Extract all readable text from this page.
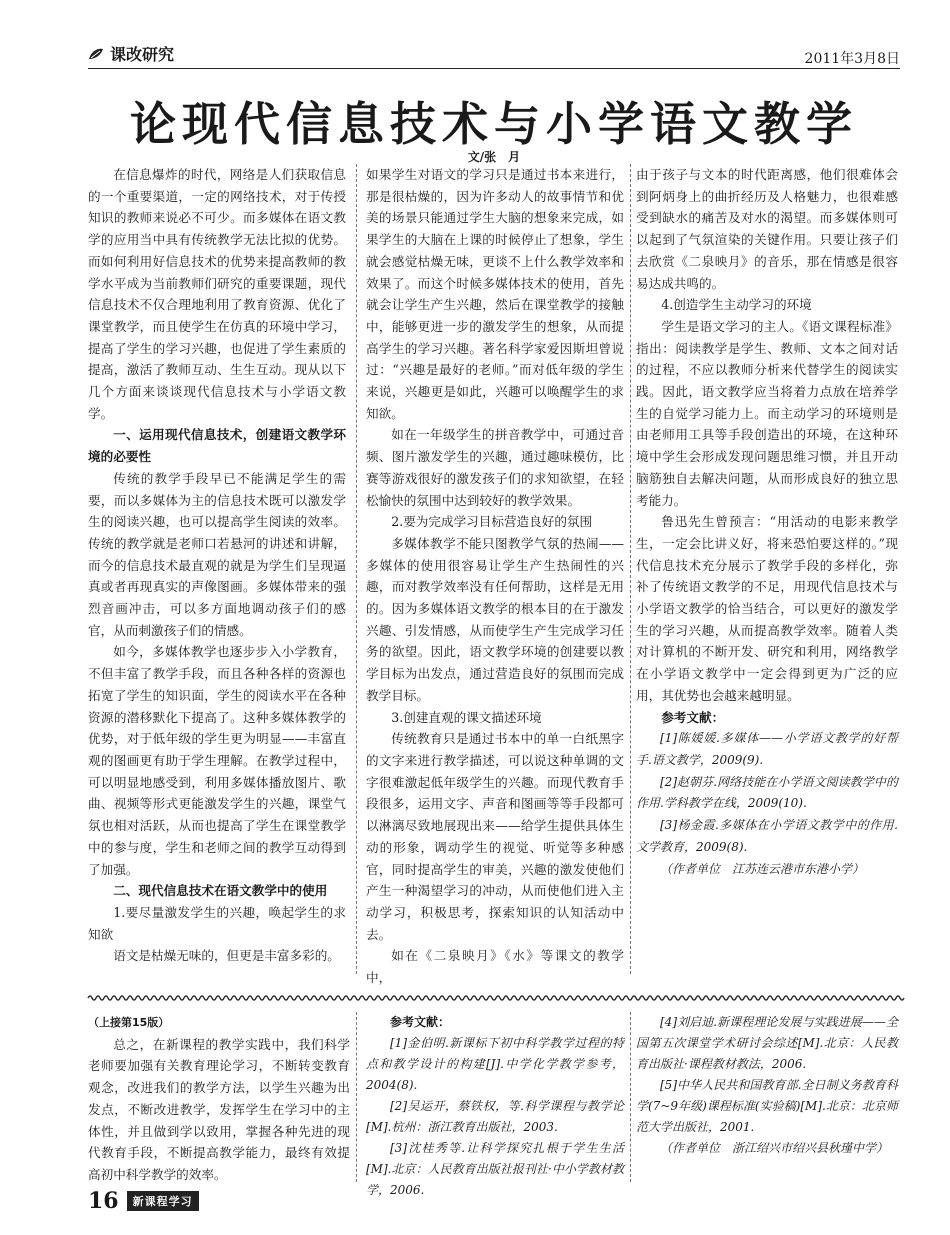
课改研究	2011年3月8日
论现代信息技术与小学语文教学
文/张　月

在信息爆炸的时代，网络是人们获取信息的一个重要渠道，一定的网络技术，对于传授知识的教师来说必不可少。而多媒体在语文教学的应用当中具有传统教学无法比拟的优势。而如何利用好信息技术的优势来提高教师的教学水平成为当前教师们研究的重要课题，现代信息技术不仅合理地利用了教育资源、优化了课堂教学，而且使学生在仿真的环境中学习，提高了学生的学习兴趣，也促进了学生素质的提高，激活了教师互动、生生互动。现从以下几个方面来谈谈现代信息技术与小学语文教学。

一、运用现代信息技术，创建语文教学环境的必要性

传统的教学手段早已不能满足学生的需要，而以多媒体为主的信息技术既可以激发学生的阅读兴趣，也可以提高学生阅读的效率。传统的教学就是老师口若悬河的讲述和讲解，而今的信息技术最直观的就是为学生们呈现逼真或者再现真实的声像图画。多媒体带来的强烈音画冲击，可以多方面地调动孩子们的感官，从而刺激孩子们的情感。

如今，多媒体教学也逐步步入小学教育，不但丰富了教学手段，而且各种各样的资源也拓宽了学生的知识面，学生的阅读水平在各种资源的潜移默化下提高了。这种多媒体教学的优势，对于低年级的学生更为明显——丰富直观的图画更有助于学生理解。在教学过程中，可以明显地感受到，利用多媒体播放图片、歌曲、视频等形式更能激发学生的兴趣，课堂气氛也相对活跃，从而也提高了学生在课堂教学中的参与度，学生和老师之间的教学互动得到了加强。

二、现代信息技术在语文教学中的使用

1.要尽量激发学生的兴趣，唤起学生的求知欲

语文是枯燥无味的，但更是丰富多彩的。

如果学生对语文的学习只是通过书本来进行，那是很枯燥的，因为许多动人的故事情节和优美的场景只能通过学生大脑的想象来完成，如果学生的大脑在上课的时候停止了想象，学生就会感觉枯燥无味，更谈不上什么教学效率和效果了。而这个时候多媒体技术的使用，首先就会让学生产生兴趣，然后在课堂教学的接触中，能够更进一步的激发学生的想象，从而提高学生的学习兴趣。著名科学家爱因斯坦曾说过：“兴趣是最好的老师。”而对低年级的学生来说，兴趣更是如此，兴趣可以唤醒学生的求知欲。

如在一年级学生的拼音教学中，可通过音频、图片激发学生的兴趣，通过趣味模仿，比赛等游戏很好的激发孩子们的求知欲望，在轻松愉快的氛围中达到较好的教学效果。

2.要为完成学习目标营造良好的氛围

多媒体教学不能只图教学气氛的热闹——多媒体的使用很容易让学生产生热闹性的兴趣，而对教学效率没有任何帮助，这样是无用的。因为多媒体语文教学的根本目的在于激发兴趣、引发情感，从而使学生产生完成学习任务的欲望。因此，语文教学环境的创建要以教学目标为出发点，通过营造良好的氛围而完成教学目标。

3.创建直观的课文描述环境

传统教育只是通过书本中的单一白纸黑字的文字来进行教学描述，可以说这种单调的文字很难激起低年级学生的兴趣。而现代教育手段很多，运用文字、声音和图画等等手段都可以淋漓尽致地展现出来——给学生提供具体生动的形象，调动学生的视觉、听觉等多种感官，同时提高学生的审美，兴趣的激发使他们产生一种渴望学习的冲动，从而使他们进入主动学习，积极思考，探索知识的认知活动中去。

如在《二泉映月》《水》等课文的教学中，

由于孩子与文本的时代距离感，他们很难体会到阿炳身上的曲折经历及人格魅力，也很难感受到缺水的痛苦及对水的渴望。而多媒体则可以起到了气氛渲染的关键作用。只要让孩子们去欣赏《二泉映月》的音乐，那在情感是很容易达成共鸣的。

4.创造学生主动学习的环境

学生是语文学习的主人。《语文课程标准》指出：阅读教学是学生、教师、文本之间对话的过程，不应以教师分析来代替学生的阅读实践。因此，语文教学应当将着力点放在培养学生的自觉学习能力上。而主动学习的环境则是由老师用工具等手段创造出的环境，在这种环境中学生会形成发现问题思维习惯，并且开动脑筋独自去解决问题，从而形成良好的独立思考能力。

鲁迅先生曾预言：“用活动的电影来教学生，一定会比讲义好，将来恐怕要这样的。”现代信息技术充分展示了教学手段的多样化，弥补了传统语文教学的不足，用现代信息技术与小学语文教学的恰当结合，可以更好的激发学生的学习兴趣，从而提高教学效率。随着人类对计算机的不断开发、研究和利用，网络教学在小学语文教学中一定会得到更为广泛的应用，其优势也会越来越明显。

参考文献：

[1]陈媛媛.多媒体——小学语文教学的好帮手.语文教学，2009(9).

[2]赵朝芬.网络技能在小学语文阅读教学中的作用.学科教学在线，2009(10).

[3]杨金霞.多媒体在小学语文教学中的作用.文学教育，2009(8).

（作者单位　江苏连云港市东港小学）

（上接第15版）

总之，在新课程的教学实践中，我们科学老师要加强有关教育理论学习，不断转变教育观念，改进我们的教学方法，以学生兴趣为出发点，不断改进教学，发挥学生在学习中的主体性，并且做到学以致用，掌握各种先进的现代教育手段，不断提高教学能力，最终有效提高初中科学教学的效率。

参考文献：

[1]金伯明.新课标下初中科学教学过程的特点和教学设计的构建[J].中学化学教学参考，2004(8).

[2]吴运开，蔡铁权，等.科学课程与教学论[M].杭州：浙江教育出版社，2003.

[3]沈桂秀等.让科学探究扎根于学生生活[M].北京：人民教育出版社报刊社·中小学教材教学，2006.

[4]刘启迪.新课程理论发展与实践进展——全国第五次课堂学术研讨会综述[M].北京：人民教育出版社·课程教材教法，2006.

[5]中华人民共和国教育部.全日制义务教育科学(7~9年级)课程标准(实验稿)[M].北京：北京师范大学出版社，2001.

（作者单位　浙江绍兴市绍兴县秋瑾中学）

16	新课程学习
